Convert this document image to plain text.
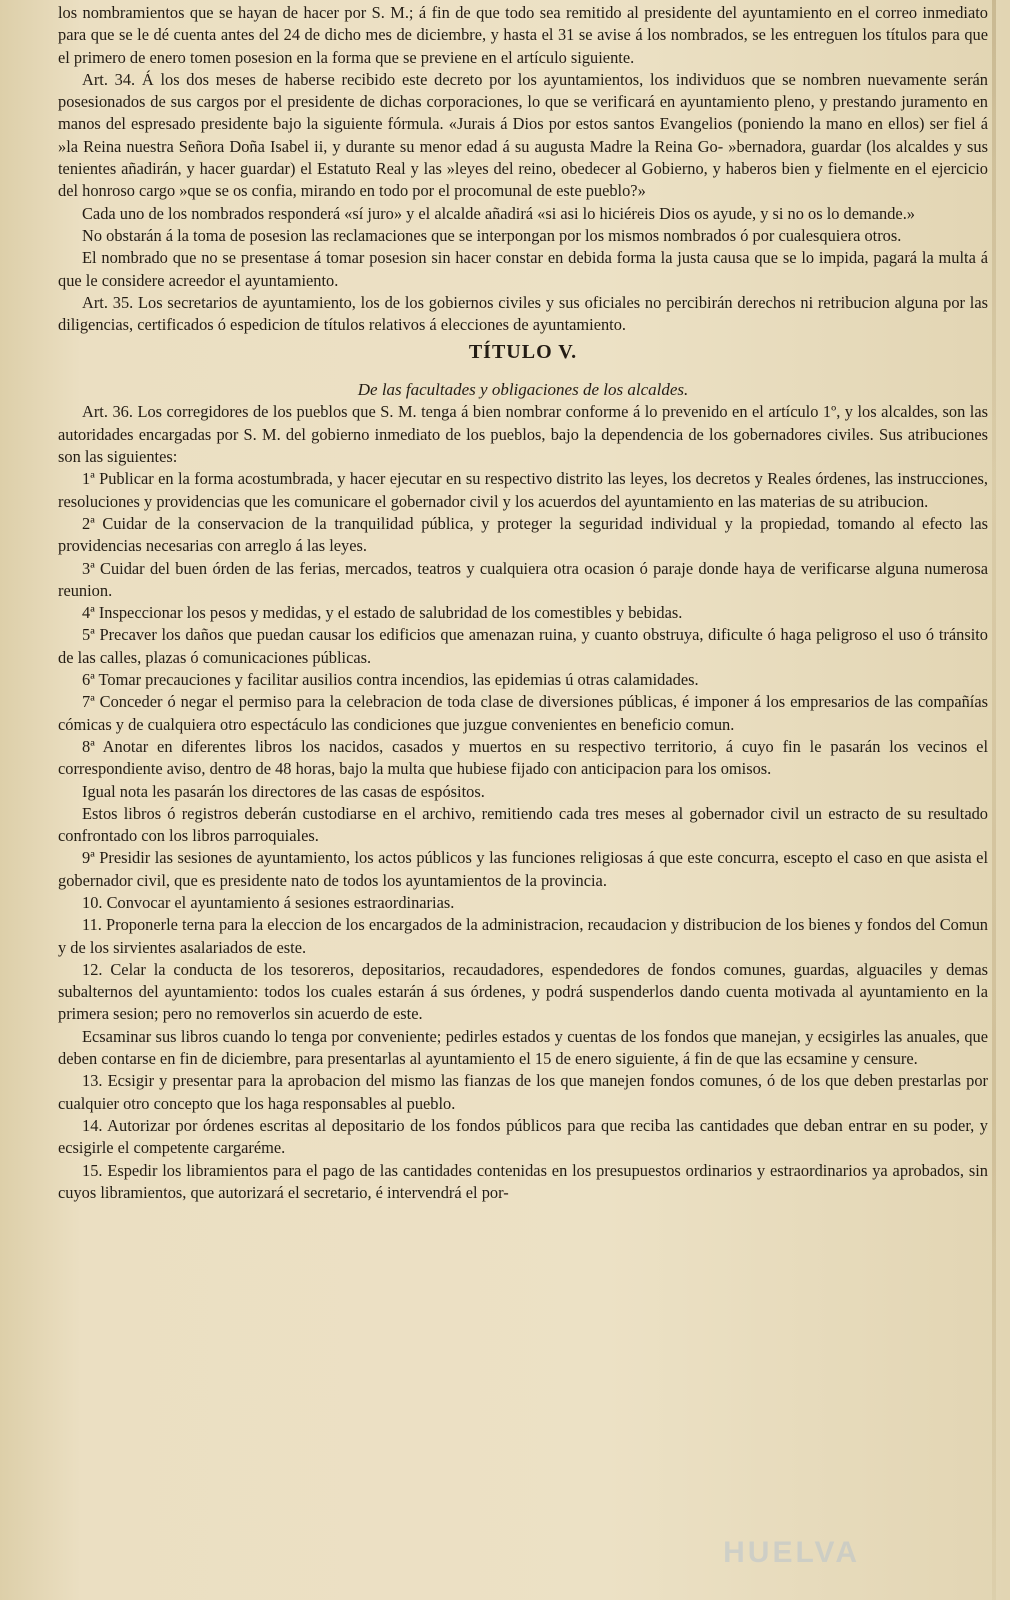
los nombramientos que se hayan de hacer por S. M.; á fin de que todo sea remitido al presidente del ayuntamiento en el correo inmediato para que se le dé cuenta antes del 24 de dicho mes de diciembre, y hasta el 31 se avise á los nombrados, se les entreguen los títulos para que el primero de enero tomen posesion en la forma que se previene en el artículo siguiente.

Art. 34. Á los dos meses de haberse recibido este decreto por los ayuntamientos, los individuos que se nombren nuevamente serán posesionados de sus cargos por el presidente de dichas corporaciones, lo que se verificará en ayuntamiento pleno, y prestando juramento en manos del espresado presidente bajo la siguiente fórmula. «Jurais á Dios por estos santos Evangelios (poniendo la mano en ellos) ser fiel á »la Reina nuestra Señora Doña Isabel ii, y durante su menor edad á su augusta Madre la Reina Go- »bernadora, guardar (los alcaldes y sus tenientes añadirán, y hacer guardar) el Estatuto Real y las »leyes del reino, obedecer al Gobierno, y haberos bien y fielmente en el ejercicio del honroso cargo »que se os confia, mirando en todo por el procomunal de este pueblo?»

Cada uno de los nombrados responderá «sí juro» y el alcalde añadirá «si asi lo hiciéreis Dios os ayude, y si no os lo demande.»

No obstarán á la toma de posesion las reclamaciones que se interpongan por los mismos nombrados ó por cualesquiera otros.

El nombrado que no se presentase á tomar posesion sin hacer constar en debida forma la justa causa que se lo impida, pagará la multa á que le considere acreedor el ayuntamiento.

Art. 35. Los secretarios de ayuntamiento, los de los gobiernos civiles y sus oficiales no percibirán derechos ni retribucion alguna por las diligencias, certificados ó espedicion de títulos relativos á elecciones de ayuntamiento.

TÍTULO V.
De las facultades y obligaciones de los alcaldes.

Art. 36. Los corregidores de los pueblos que S. M. tenga á bien nombrar conforme á lo prevenido en el artículo 1º, y los alcaldes, son las autoridades encargadas por S. M. del gobierno inmediato de los pueblos, bajo la dependencia de los gobernadores civiles. Sus atribuciones son las siguientes:

1ª Publicar en la forma acostumbrada, y hacer ejecutar en su respectivo distrito las leyes, los decretos y Reales órdenes, las instrucciones, resoluciones y providencias que les comunicare el gobernador civil y los acuerdos del ayuntamiento en las materias de su atribucion.

2ª Cuidar de la conservacion de la tranquilidad pública, y proteger la seguridad individual y la propiedad, tomando al efecto las providencias necesarias con arreglo á las leyes.

3ª Cuidar del buen órden de las ferias, mercados, teatros y cualquiera otra ocasion ó paraje donde haya de verificarse alguna numerosa reunion.

4ª Inspeccionar los pesos y medidas, y el estado de salubridad de los comestibles y bebidas.

5ª Precaver los daños que puedan causar los edificios que amenazan ruina, y cuanto obstruya, dificulte ó haga peligroso el uso ó tránsito de las calles, plazas ó comunicaciones públicas.

6ª Tomar precauciones y facilitar ausilios contra incendios, las epidemias ú otras calamidades.

7ª Conceder ó negar el permiso para la celebracion de toda clase de diversiones públicas, é imponer á los empresarios de las compañías cómicas y de cualquiera otro espectáculo las condiciones que juzgue convenientes en beneficio comun.

8ª Anotar en diferentes libros los nacidos, casados y muertos en su respectivo territorio, á cuyo fin le pasarán los vecinos el correspondiente aviso, dentro de 48 horas, bajo la multa que hubiese fijado con anticipacion para los omisos.

Igual nota les pasarán los directores de las casas de espósitos.

Estos libros ó registros deberán custodiarse en el archivo, remitiendo cada tres meses al gobernador civil un estracto de su resultado confrontado con los libros parroquiales.

9ª Presidir las sesiones de ayuntamiento, los actos públicos y las funciones religiosas á que este concurra, escepto el caso en que asista el gobernador civil, que es presidente nato de todos los ayuntamientos de la provincia.

10. Convocar el ayuntamiento á sesiones estraordinarias.

11. Proponerle terna para la eleccion de los encargados de la administracion, recaudacion y distribucion de los bienes y fondos del Comun y de los sirvientes asalariados de este.

12. Celar la conducta de los tesoreros, depositarios, recaudadores, espendedores de fondos comunes, guardas, alguaciles y demas subalternos del ayuntamiento: todos los cuales estarán á sus órdenes, y podrá suspenderlos dando cuenta motivada al ayuntamiento en la primera sesion; pero no removerlos sin acuerdo de este.

Ecsaminar sus libros cuando lo tenga por conveniente; pedirles estados y cuentas de los fondos que manejan, y ecsigirles las anuales, que deben contarse en fin de diciembre, para presentarlas al ayuntamiento el 15 de enero siguiente, á fin de que las ecsamine y censure.

13. Ecsigir y presentar para la aprobacion del mismo las fianzas de los que manejen fondos comunes, ó de los que deben prestarlas por cualquier otro concepto que los haga responsables al pueblo.

14. Autorizar por órdenes escritas al depositario de los fondos públicos para que reciba las cantidades que deban entrar en su poder, y ecsigirle el competente cargaréme.

15. Espedir los libramientos para el pago de las cantidades contenidas en los presupuestos ordinarios y estraordinarios ya aprobados, sin cuyos libramientos, que autorizará el secretario, é intervendrá el por-

HUELVA
